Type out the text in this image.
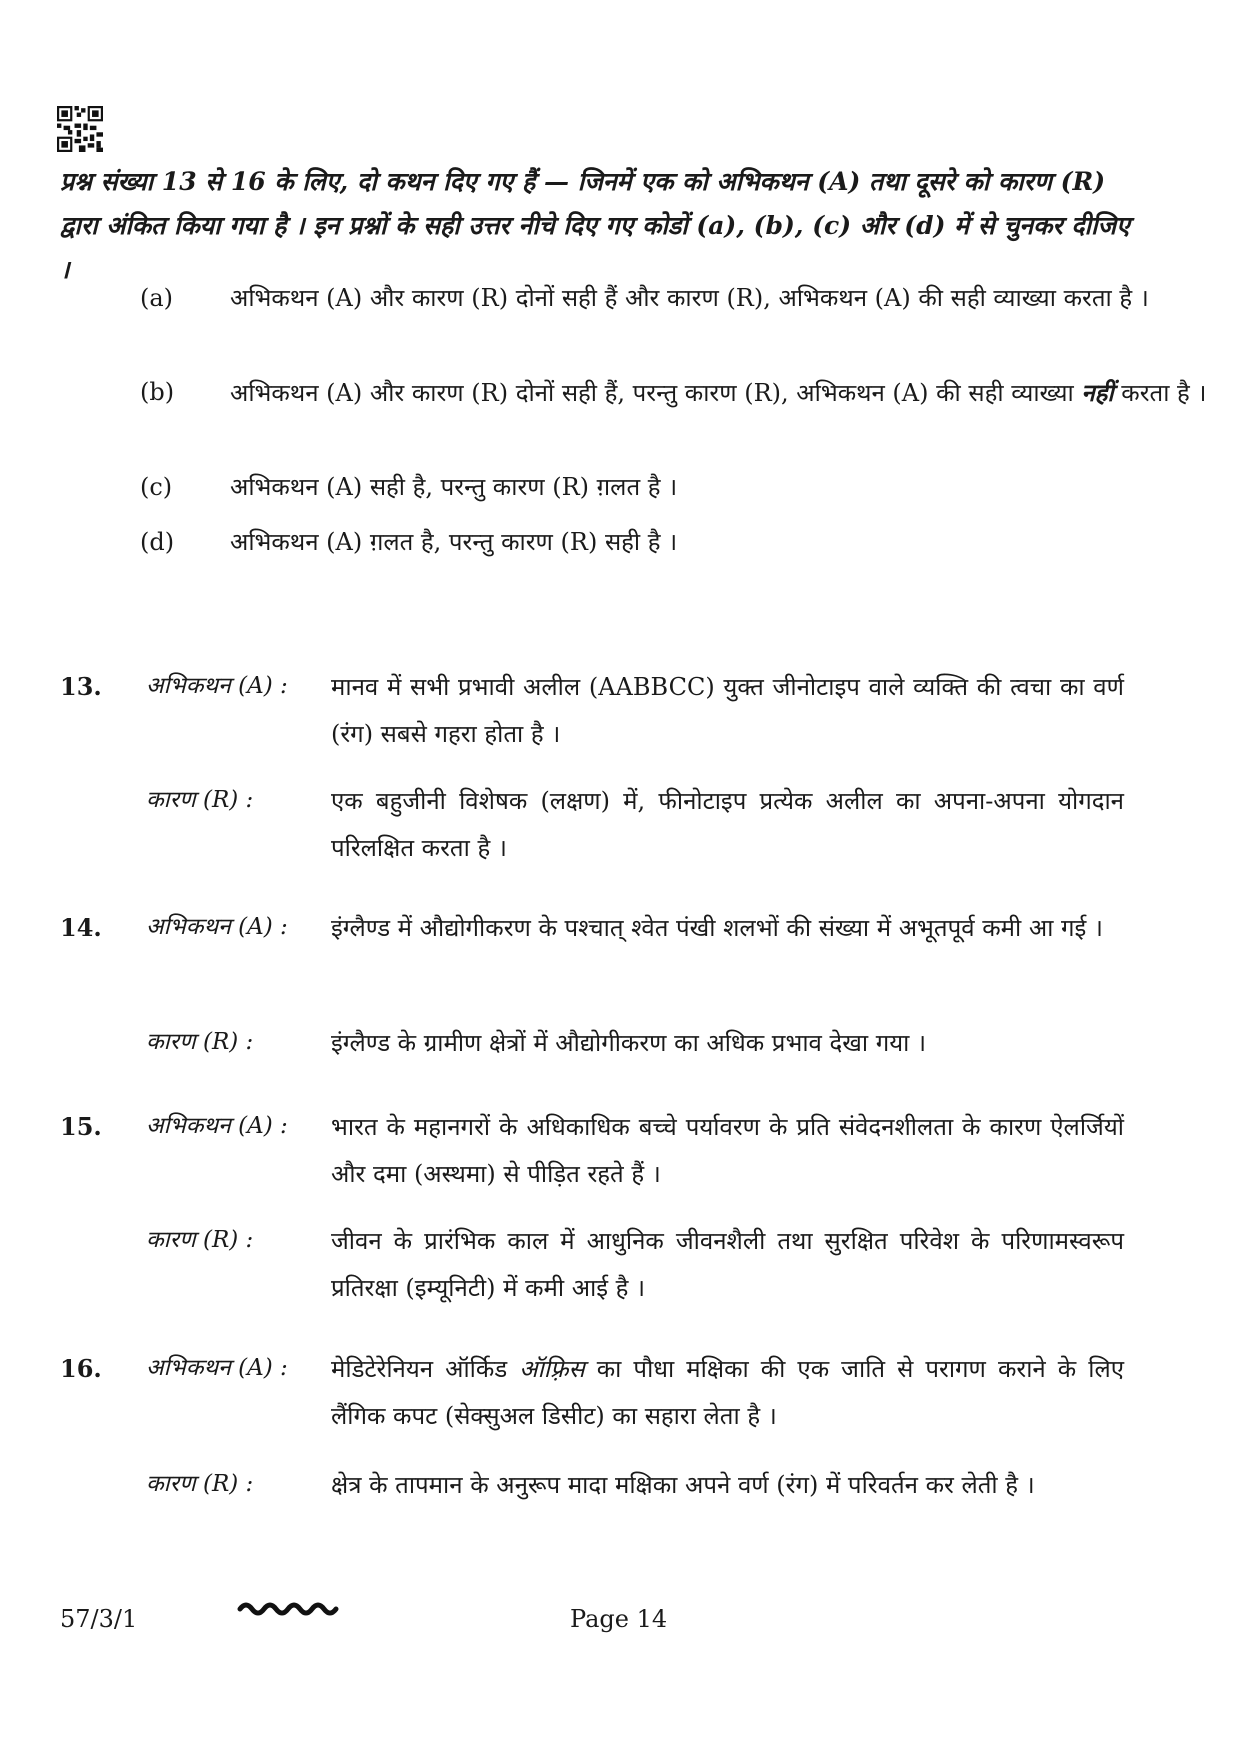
प्रश्न संख्या 13 से 16 के लिए, दो कथन दिए गए हैं — जिनमें एक को अभिकथन (A) तथा दूसरे को कारण (R) द्वारा अंकित किया गया है । इन प्रश्नों के सही उत्तर नीचे दिए गए कोडों (a), (b), (c) और (d) में से चुनकर दीजिए ।
(a) अभिकथन (A) और कारण (R) दोनों सही हैं और कारण (R), अभिकथन (A) की सही व्याख्या करता है ।
(b) अभिकथन (A) और कारण (R) दोनों सही हैं, परन्तु कारण (R), अभिकथन (A) की सही व्याख्या नहीं करता है ।
(c) अभिकथन (A) सही है, परन्तु कारण (R) ग़लत है ।
(d) अभिकथन (A) ग़लत है, परन्तु कारण (R) सही है ।
13. अभिकथन (A) : मानव में सभी प्रभावी अलील (AABBCC) युक्त जीनोटाइप वाले व्यक्ति की त्वचा का वर्ण (रंग) सबसे गहरा होता है ।
कारण (R) :	एक बहुजीनी विशेषक (लक्षण) में, फीनोटाइप प्रत्येक अलील का अपना-अपना योगदान परिलक्षित करता है ।
14. अभिकथन (A) : इंग्लैण्ड में औद्योगीकरण के पश्चात् श्वेत पंखी शलभों की संख्या में अभूतपूर्व कमी आ गई ।
कारण (R) :	इंग्लैण्ड के ग्रामीण क्षेत्रों में औद्योगीकरण का अधिक प्रभाव देखा गया ।
15. अभिकथन (A) : भारत के महानगरों के अधिकाधिक बच्चे पर्यावरण के प्रति संवेदनशीलता के कारण ऐलर्जियों और दमा (अस्थमा) से पीड़ित रहते हैं ।
कारण (R) :	जीवन के प्रारंभिक काल में आधुनिक जीवनशैली तथा सुरक्षित परिवेश के परिणामस्वरूप प्रतिरक्षा (इम्यूनिटी) में कमी आई है ।
16. अभिकथन (A) : मेडिटेरेनियन ऑर्किड ऑफ़्रिस का पौधा मक्षिका की एक जाति से परागण कराने के लिए लैंगिक कपट (सेक्सुअल डिसीट) का सहारा लेता है ।
कारण (R) :	क्षेत्र के तापमान के अनुरूप मादा मक्षिका अपने वर्ण (रंग) में परिवर्तन कर लेती है ।
57/3/1	Page 14
